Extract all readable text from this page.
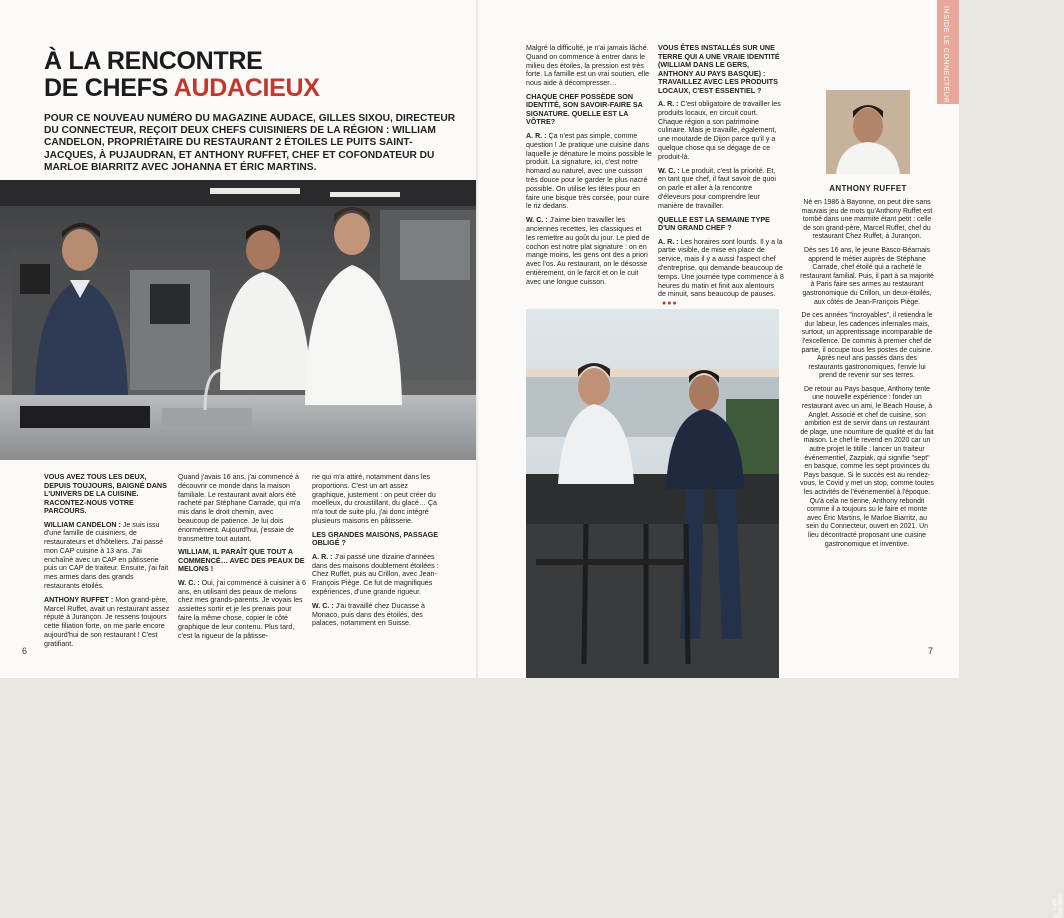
À LA RENCONTRE
DE CHEFS AUDACIEUX
POUR CE NOUVEAU NUMÉRO DU MAGAZINE AUDACE, GILLES SIXOU, DIRECTEUR DU CONNECTEUR, REÇOIT DEUX CHEFS CUISINIERS DE LA RÉGION : WILLIAM CANDELON, PROPRIÉTAIRE DU RESTAURANT 2 ÉTOILES LE PUITS SAINT-JACQUES, À PUJAUDRAN, ET ANTHONY RUFFET, CHEF ET COFONDATEUR DU MARLOE BIARRITZ AVEC JOHANNA ET ÉRIC MARTINS.

VOUS AVEZ TOUS LES DEUX, DEPUIS TOUJOURS, BAIGNÉ DANS L'UNIVERS DE LA CUISINE. RACONTEZ-NOUS VOTRE PARCOURS.

WILLIAM CANDELON : Je suis issu d'une famille de cuisiniers, de restaurateurs et d'hôteliers. J'ai passé mon CAP cuisine à 13 ans. J'ai enchaîné avec un CAP en pâtisserie puis un CAP de traiteur. Ensuite, j'ai fait mes armes dans des grands restaurants étoilés.

ANTHONY RUFFET : Mon grand-père, Marcel Ruffet, avait un restaurant assez réputé à Jurançon. Je ressens toujours cette filiation forte, on me parle encore aujourd'hui de son restaurant ! C'est gratifiant.

Quand j'avais 16 ans, j'ai commencé à découvrir ce monde dans la maison familiale. Le restaurant avait alors été racheté par Stéphane Carrade, qui m'a mis dans le droit chemin, avec beaucoup de patience. Je lui dois énormément. Aujourd'hui, j'essaie de transmettre tout autant.

WILLIAM, IL PARAÎT QUE TOUT A COMMENCÉ… AVEC DES PEAUX DE MELONS !

W. C. : Oui, j'ai commencé à cuisiner à 6 ans, en utilisant des peaux de melons chez mes grands-parents. Je voyais les assiettes sortir et je les prenais pour faire la même chose, copier le côté graphique de leur contenu. Plus tard, c'est la rigueur de la pâtisse-

rie qui m'a attiré, notamment dans les proportions. C'est un art assez graphique, justement : on peut créer du moelleux, du croustillant, du glacé… Ça m'a tout de suite plu, j'ai donc intégré plusieurs maisons en pâtisserie.

LES GRANDES MAISONS, PASSAGE OBLIGÉ ?

A. R. : J'ai passé une dizaine d'années dans des maisons doublement étoilées : Chez Ruffet, puis au Crillon, avec Jean-François Piège. Ce fut de magnifiques expériences, d'une grande rigueur.

W. C. : J'ai travaillé chez Ducasse à Monaco, puis dans des étoilés, des palaces, notamment en Suisse.

6
INSIDE LE CONNECTEUR

Malgré la difficulté, je n'ai jamais lâché. Quand on commence à entrer dans le milieu des étoiles, la pression est très forte. La famille est un vrai soutien, elle nous aide à décompresser…

CHAQUE CHEF POSSÈDE SON IDENTITÉ, SON SAVOIR-FAIRE SA SIGNATURE. QUELLE EST LA VÔTRE?

A. R. : Ça n'est pas simple, comme question ! Je pratique une cuisine dans laquelle je dénature le moins possible le produit. La signature, ici, c'est notre homard au naturel, avec une cuisson très douce pour le garder le plus nacré possible. On utilise les têtes pour en faire une bisque très corsée, pour cuire le riz dedans.

W. C. : J'aime bien travailler les anciennes recettes, les classiques et les remettre au goût du jour. Le pied de cochon est notre plat signature : on en mange moins, les gens ont des a priori avec l'os. Au restaurant, on le désosse entièrement, on le farcit et on le cuit avec une longue cuisson.

VOUS ÊTES INSTALLÉS SUR UNE TERRE QUI A UNE VRAIE IDENTITÉ (WILLIAM DANS LE GERS, ANTHONY AU PAYS BASQUE) : TRAVAILLEZ AVEC LES PRODUITS LOCAUX, C'EST ESSENTIEL ?

A. R. : C'est obligatoire de travailler les produits locaux, en circuit court. Chaque région a son patrimoine culinaire. Mais je travaille, également, une moutarde de Dijon parce qu'il y a quelque chose qui se dégage de ce produit-là.

W. C. : Le produit, c'est la priorité. Et, en tant que chef, il faut savoir de quoi on parle et aller à la rencontre d'éleveurs pour comprendre leur manière de travailler.

QUELLE EST LA SEMAINE TYPE D'UN GRAND CHEF ?

A. R. : Les horaires sont lourds. Il y a la partie visible, de mise en place de service, mais il y a aussi l'aspect chef d'entreprise, qui demande beaucoup de temps. Une journée type commence à 8 heures du matin et finit aux alentours de minuit, sans beaucoup de pauses.●●●

© Cyril Garrabos
ANTHONY RUFFET

Né en 1986 à Bayonne, on peut dire sans mauvais jeu de mots qu'Anthony Ruffet est tombé dans une marmite étant petit : celle de son grand-père, Marcel Ruffet, chef du restaurant Chez Ruffet, à Jurançon.

Dès ses 16 ans, le jeune Basco-Béarnais apprend le métier auprès de Stéphane Carrade, chef étoilé qui a racheté le restaurant familial. Puis, il part à sa majorité à Paris faire ses armes au restaurant gastronomique du Crillon, un deux-étoilés, aux côtés de Jean-François Piège.

De ces années "incroyables", il retiendra le dur labeur, les cadences infernales mais, surtout, un apprentissage incomparable de l'excellence. De commis à premier chef de partie, il occupe tous les postes de cuisine. Après neuf ans passés dans des restaurants gastronomiques, l'envie lui prend de revenir sur ses terres.

De retour au Pays basque, Anthony tente une nouvelle expérience : fonder un restaurant avec un ami, le Beach House, à Anglet. Associé et chef de cuisine, son ambition est de servir dans un restaurant de plage, une nourriture de qualité et du fait maison. Le chef le revend en 2020 car un autre projet le titille : lancer un traiteur événementiel, Zazpiak, qui signifie "sept" en basque, comme les sept provinces du Pays basque. Si le succès est au rendez-vous, le Covid y met un stop, comme toutes les activités de l'événementiel à l'époque. Qu'à cela ne tienne, Anthony rebondit comme il a toujours su le faire et monte avec Éric Martins, le Marloe Biarritz, au sein du Connecteur, ouvert en 2021. Un lieu décontracté proposant une cuisine gastronomique et inventive.

7
